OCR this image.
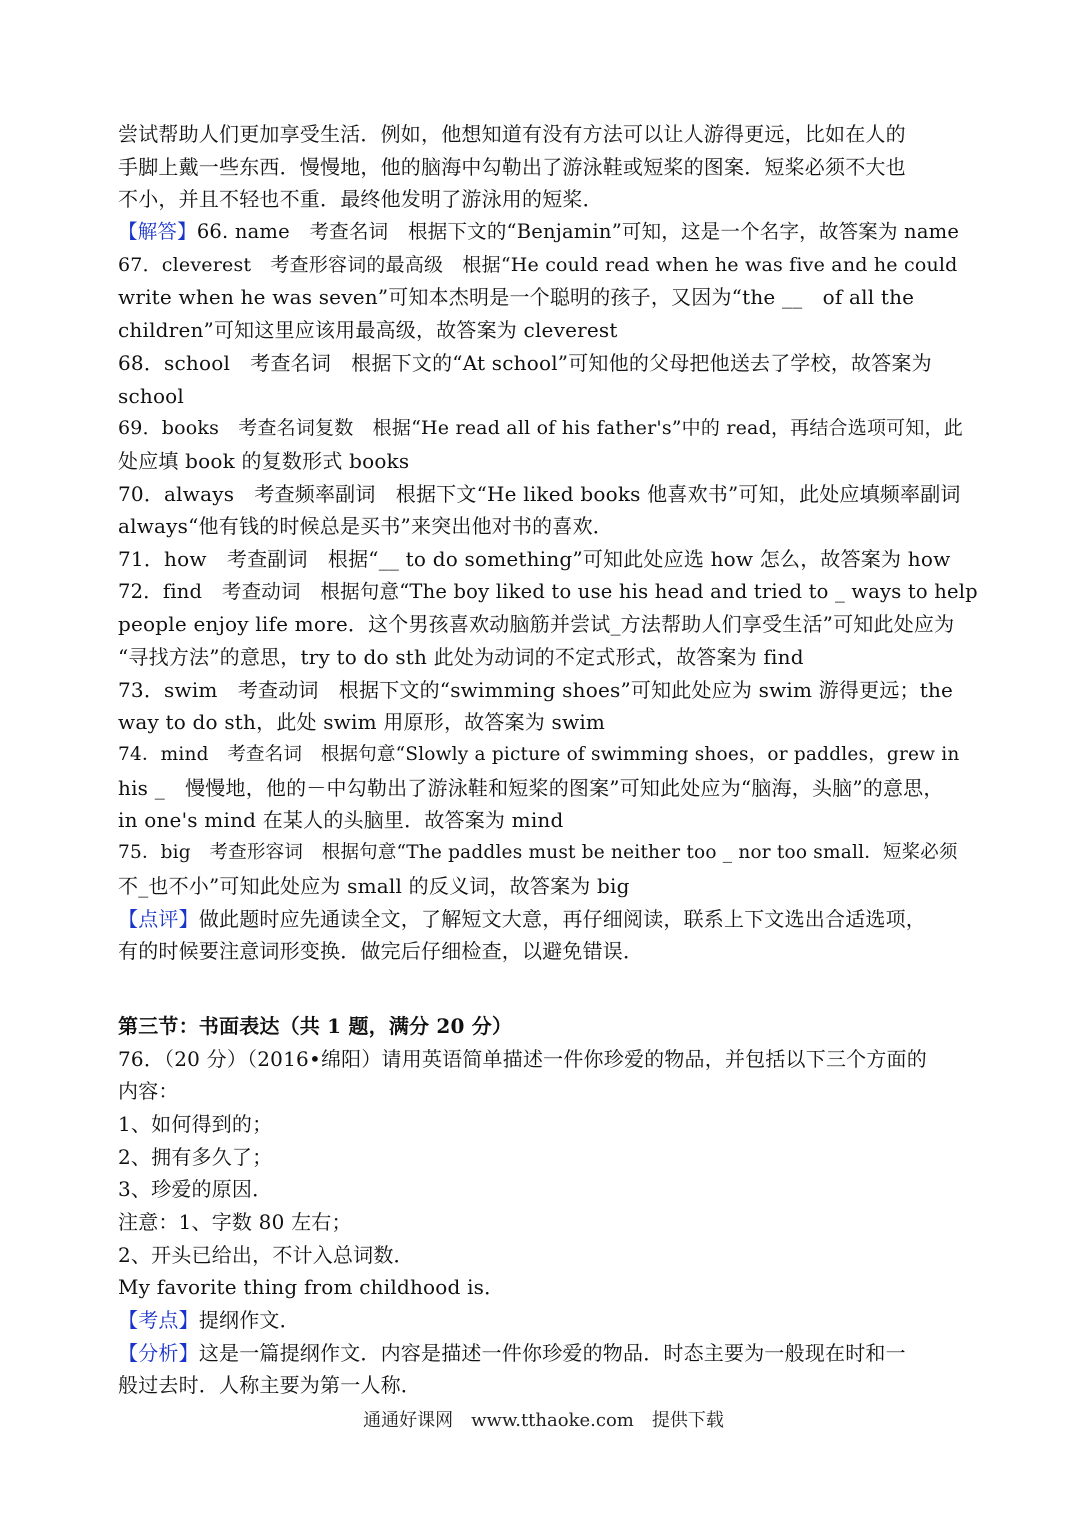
尝试帮助人们更加享受生活．例如，他想知道有没有方法可以让人游得更远，比如在人的
手脚上戴一些东西．慢慢地，他的脑海中勾勒出了游泳鞋或短桨的图案．短桨必须不大也
不小，并且不轻也不重．最终他发明了游泳用的短桨．
【解答】66. name　考查名词　根据下文的“Benjamin”可知，这是一个名字，故答案为 name
67．cleverest　考查形容词的最高级　根据“He could read when he was five and he could
write when he was seven”可知本杰明是一个聪明的孩子，又因为“the __　of all the
children”可知这里应该用最高级，故答案为 cleverest
68．school　考查名词　根据下文的“At school”可知他的父母把他送去了学校，故答案为
school
69．books　考查名词复数　根据“He read all of his father's”中的 read，再结合选项可知，此
处应填 book 的复数形式 books
70．always　考查频率副词　根据下文“He liked books 他喜欢书”可知，此处应填频率副词
always“他有钱的时候总是买书”来突出他对书的喜欢．
71．how　考查副词　根据“__ to do something”可知此处应选 how 怎么，故答案为 how
72．find　考查动词　根据句意“The boy liked to use his head and tried to _ ways to help
people enjoy life more．这个男孩喜欢动脑筋并尝试_方法帮助人们享受生活”可知此处应为
“寻找方法”的意思，try to do sth 此处为动词的不定式形式，故答案为 find
73．swim　考查动词　根据下文的“swimming shoes”可知此处应为 swim 游得更远；the
way to do sth，此处 swim 用原形，故答案为 swim
74．mind　考查名词　根据句意“Slowly a picture of swimming shoes，or paddles，grew in
his _　慢慢地，他的－中勾勒出了游泳鞋和短桨的图案”可知此处应为“脑海，头脑”的意思，
in one's mind 在某人的头脑里．故答案为 mind
75．big　考查形容词　根据句意“The paddles must be neither too _ nor too small．短桨必须
不_也不小”可知此处应为 small 的反义词，故答案为 big
【点评】做此题时应先通读全文，了解短文大意，再仔细阅读，联系上下文选出合适选项，
有的时候要注意词形变换．做完后仔细检查，以避免错误．
第三节：书面表达（共 1 题，满分 20 分）
76．（20 分）（2016•绵阳）请用英语简单描述一件你珍爱的物品，并包括以下三个方面的
内容：
1、如何得到的；
2、拥有多久了；
3、珍爱的原因．
注意：1、字数 80 左右；
2、开头已给出，不计入总词数．
My favorite thing from childhood is．
【考点】提纲作文．
【分析】这是一篇提纲作文．内容是描述一件你珍爱的物品．时态主要为一般现在时和一
般过去时．人称主要为第一人称．
通通好课网　www.tthaoke.com　提供下载
